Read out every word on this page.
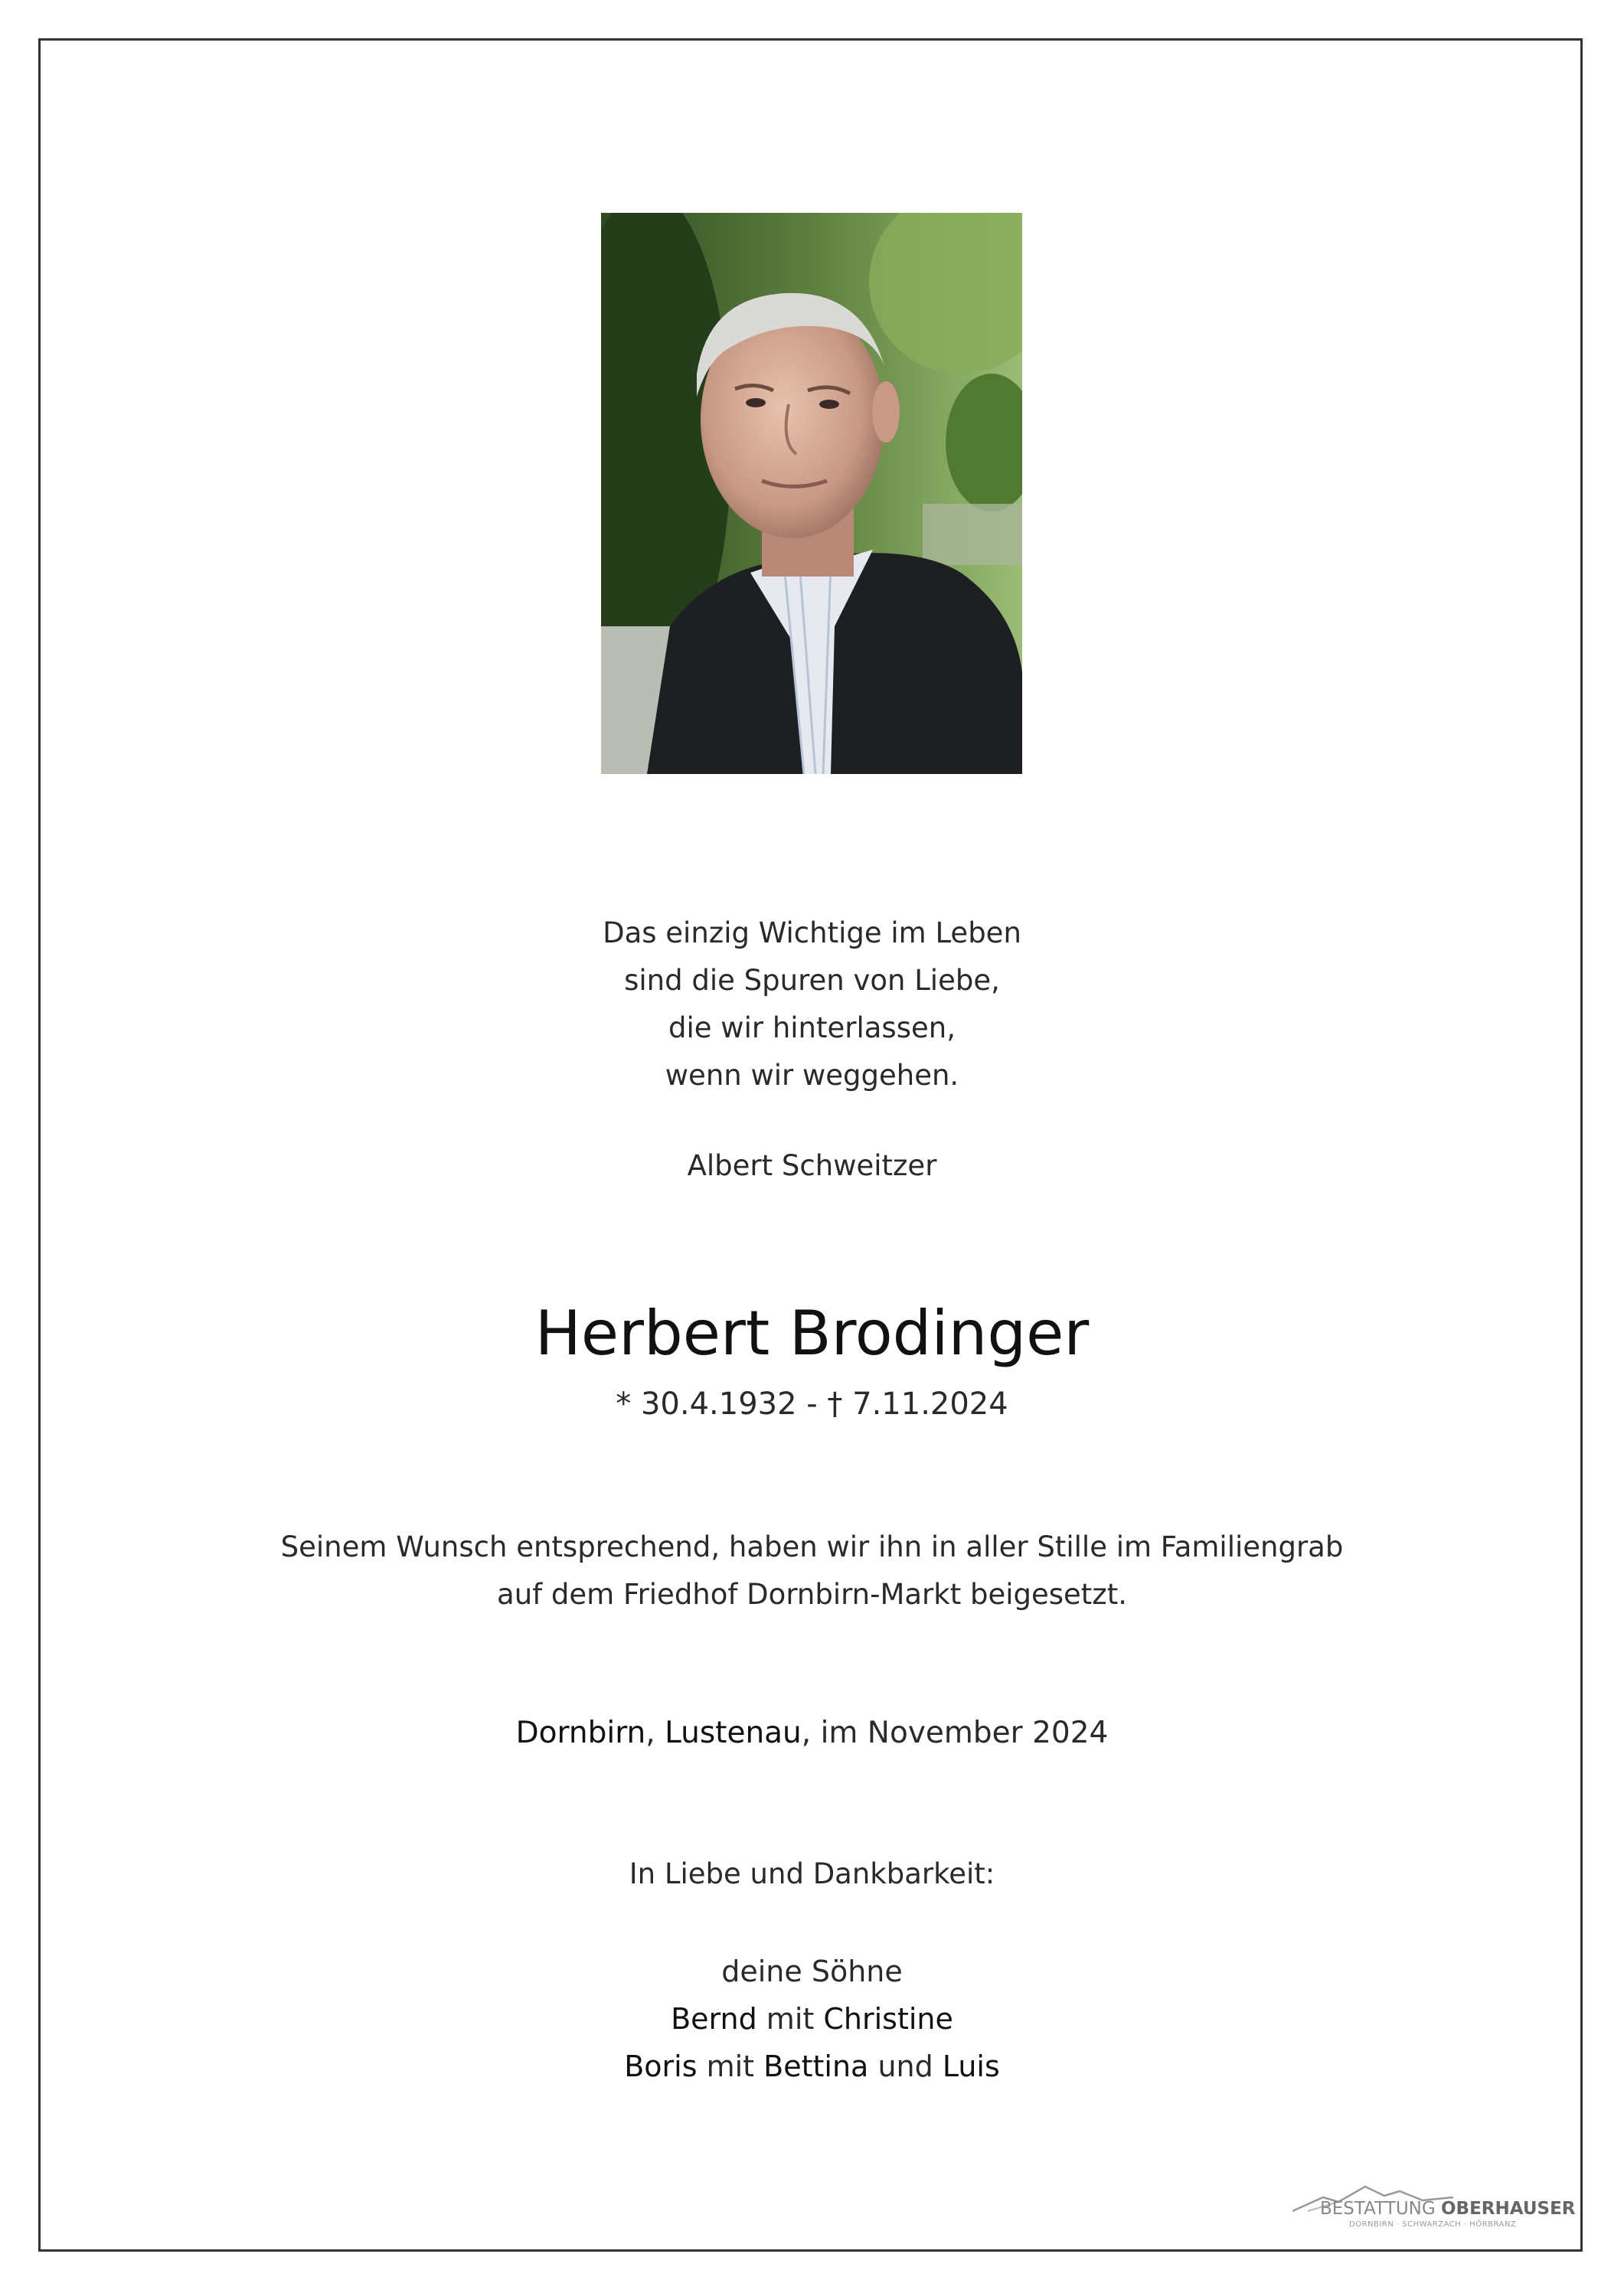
Das einzig Wichtige im Leben
sind die Spuren von Liebe,
die wir hinterlassen,
wenn wir weggehen.
Albert Schweitzer
Herbert Brodinger
* 30.4.1932 - † 7.11.2024
Seinem Wunsch entsprechend, haben wir ihn in aller Stille im Familiengrab
auf dem Friedhof Dornbirn-Markt beigesetzt.
Dornbirn, Lustenau, im November 2024
In Liebe und Dankbarkeit:
deine Söhne
Bernd mit Christine
Boris mit Bettina und Luis
BESTATTUNG OBERHAUSER
DORNBIRN · SCHWARZACH · HÖRBRANZ
